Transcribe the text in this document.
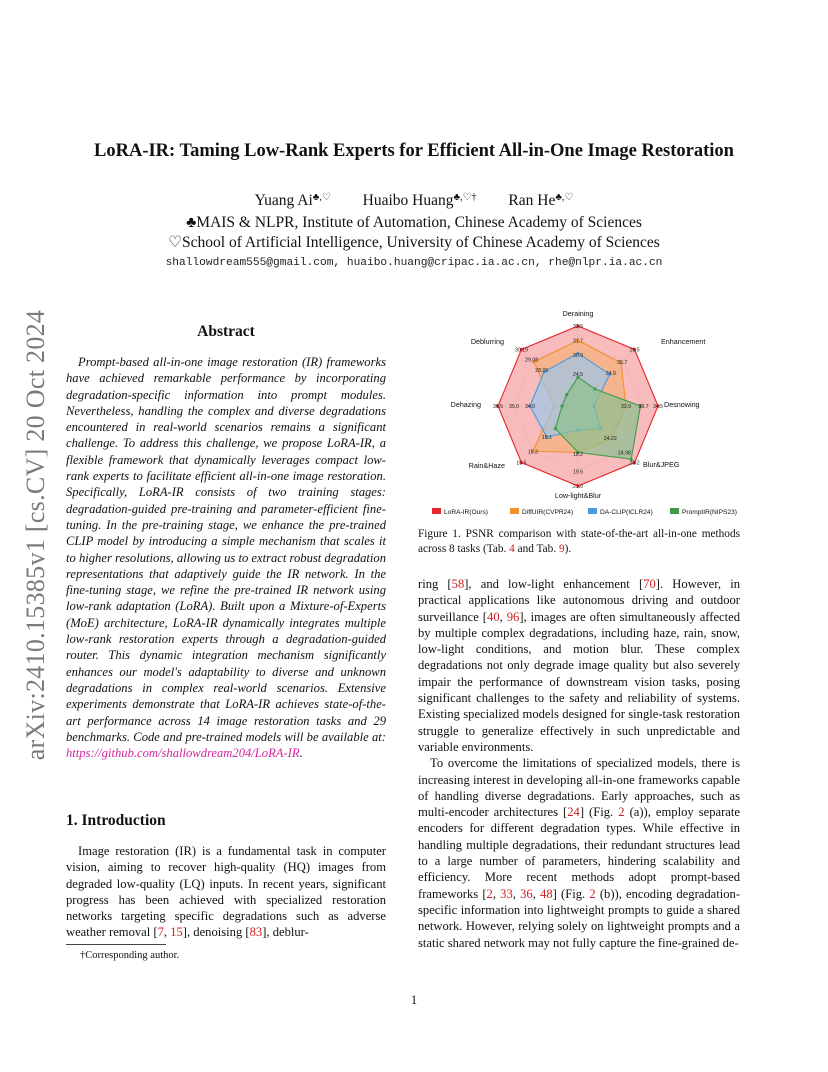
arXiv:2410.15385v1 [cs.CV] 20 Oct 2024
LoRA-IR: Taming Low-Rank Experts for Efficient All-in-One Image Restoration
Yuang Ai♣,♡ Huaibo Huang♣,♡† Ran He♣,♡
♣MAIS & NLPR, Institute of Automation, Chinese Academy of Sciences
♡School of Artificial Intelligence, University of Chinese Academy of Sciences
shallowdream555@gmail.com, huaibo.huang@cripac.ia.ac.cn, rhe@nlpr.ia.ac.cn
Abstract

Prompt-based all-in-one image restoration (IR) frameworks have achieved remarkable performance by incorporating degradation-specific information into prompt modules. Nevertheless, handling the complex and diverse degradations encountered in real-world scenarios remains a significant challenge. To address this challenge, we propose LoRA-IR, a flexible framework that dynamically leverages compact low-rank experts to facilitate efficient all-in-one image restoration. Specifically, LoRA-IR consists of two training stages: degradation-guided pre-training and parameter-efficient fine-tuning. In the pre-training stage, we enhance the pre-trained CLIP model by introducing a simple mechanism that scales it to higher resolutions, allowing us to extract robust degradation representations that adaptively guide the IR network. In the fine-tuning stage, we refine the pre-trained IR network using low-rank adaptation (LoRA). Built upon a Mixture-of-Experts (MoE) architecture, LoRA-IR dynamically integrates multiple low-rank restoration experts through a degradation-guided router. This dynamic integration mechanism significantly enhances our model's adaptability to diverse and unknown degradations in complex real-world scenarios. Extensive experiments demonstrate that LoRA-IR achieves state-of-the-art performance across 14 image restoration tasks and 29 benchmarks. Code and pre-trained models will be available at: https://github.com/shallowdream204/LoRA-IR.

1. Introduction

Image restoration (IR) is a fundamental task in computer vision, aiming to recover high-quality (HQ) images from degraded low-quality (LQ) inputs. In recent years, significant progress has been achieved with specialized restoration networks targeting specific degradations such as adverse weather removal [7, 15], denoising [83], deblur-

†Corresponding author.
33.5
31.7
30.9
24.5
26.5
25.7
24.9
34.5
33.7
32.9
25.2
24.98
24.22
21.0
19.6
18.2
15.5
15.3
15.1
36.5 35.0 34.0
30.19
29.08
28.05
Deraining
Enhancement
Desnowing
Blur&JPEG
Low-light&Blur
Rain&Haze
Dehazing
Deblurring
LoRA-IR(Ours)	DiffUIR(CVPR24)	DA-CLIP(ICLR24)	PromptIR(NIPS23)
Figure 1. PSNR comparison with state-of-the-art all-in-one methods across 8 tasks (Tab. 4 and Tab. 9).

ring [58], and low-light enhancement [70]. However, in practical applications like autonomous driving and outdoor surveillance [40, 96], images are often simultaneously affected by multiple complex degradations, including haze, rain, snow, low-light conditions, and motion blur. These complex degradations not only degrade image quality but also severely impair the performance of downstream vision tasks, posing significant challenges to the safety and reliability of systems. Existing specialized models designed for single-task restoration struggle to generalize effectively in such unpredictable and variable environments.

To overcome the limitations of specialized models, there is increasing interest in developing all-in-one frameworks capable of handling diverse degradations. Early approaches, such as multi-encoder architectures [24] (Fig. 2 (a)), employ separate encoders for different degradation types. While effective in handling multiple degradations, their redundant structures lead to a large number of parameters, hindering scalability and efficiency. More recent methods adopt prompt-based frameworks [2, 33, 36, 48] (Fig. 2 (b)), encoding degradation-specific information into lightweight prompts to guide a shared network. However, relying solely on lightweight prompts and a static shared network may not fully capture the fine-grained de-

1
